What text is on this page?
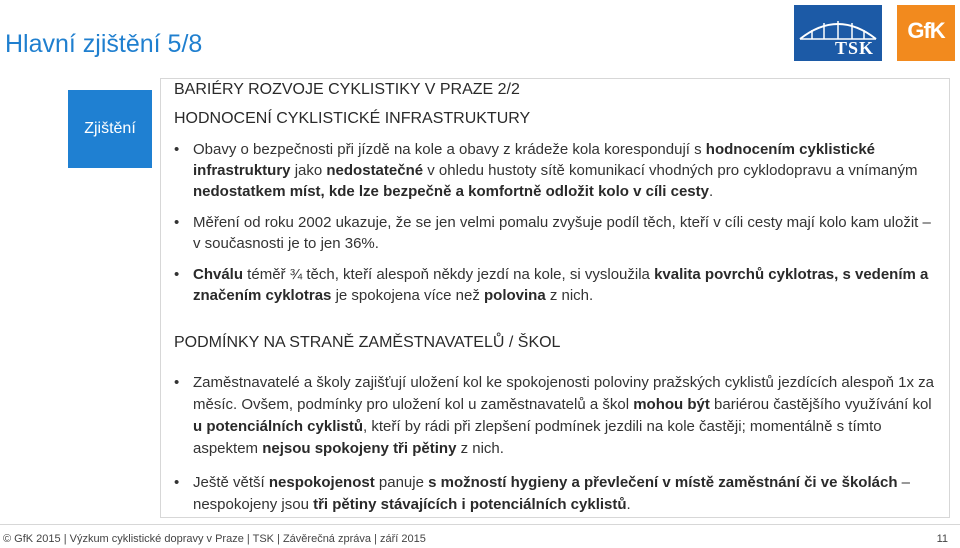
Hlavní zjištění 5/8	TSK
GfK
Zjištění
BARIÉRY ROZVOJE CYKLISTIKY V PRAZE 2/2
HODNOCENÍ CYKLISTICKÉ INFRASTRUKTURY
• Obavy o bezpečnosti při jízdě na kole a obavy z krádeže kola korespondují s hodnocením cyklistické infrastruktury jako nedostatečné v ohledu hustoty sítě komunikací vhodných pro cyklodopravu a vnímaným nedostatkem míst, kde lze bezpečně a komfortně odložit kolo v cíli cesty.
• Měření od roku 2002 ukazuje, že se jen velmi pomalu zvyšuje podíl těch, kteří v cíli cesty mají kolo kam uložit – v současnosti je to jen 36%.
• Chválu téměř ¾ těch, kteří alespoň někdy jezdí na kole, si vysloužila kvalita povrchů cyklotras, s vedením a značením cyklotras je spokojena více než polovina z nich.
PODMÍNKY NA STRANĚ ZAMĚSTNAVATELŮ / ŠKOL
• Zaměstnavatelé a školy zajišťují uložení kol ke spokojenosti poloviny pražských cyklistů jezdících alespoň 1x za měsíc. Ovšem, podmínky pro uložení kol u zaměstnavatelů a škol mohou být bariérou častějšího využívání kol u potenciálních cyklistů, kteří by rádi při zlepšení podmínek jezdili na kole častěji; momentálně s tímto aspektem nejsou spokojeny tři pětiny z nich.
• Ještě větší nespokojenost panuje s možností hygieny a převlečení v místě zaměstnání či ve školách – nespokojeny jsou tři pětiny stávajících i potenciálních cyklistů.
© GfK 2015 | Výzkum cyklistické dopravy v Praze | TSK | Závěrečná zpráva | září 2015	11
